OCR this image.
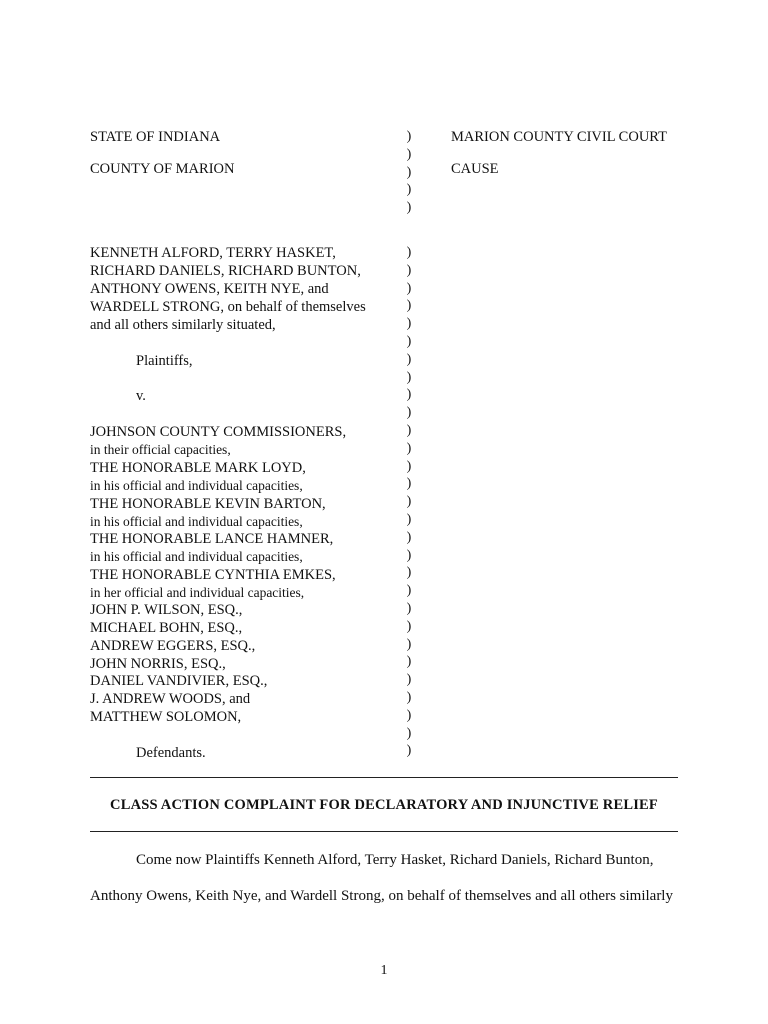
STATE OF INDIANA
COUNTY OF MARION
MARION COUNTY CIVIL COURT
CAUSE
)
)
)
)
)
KENNETH ALFORD, TERRY HASKET,
RICHARD DANIELS, RICHARD BUNTON,
ANTHONY OWENS, KEITH NYE, and
WARDELL STRONG, on behalf of themselves
and all others similarly situated,
Plaintiffs,
v.
JOHNSON COUNTY COMMISSIONERS,
in their official capacities,
THE HONORABLE MARK LOYD,
in his official and individual capacities,
THE HONORABLE KEVIN BARTON,
in his official and individual capacities,
THE HONORABLE LANCE HAMNER,
in his official and individual capacities,
THE HONORABLE CYNTHIA EMKES,
in her official and individual capacities,
JOHN P. WILSON, ESQ.,
MICHAEL BOHN, ESQ.,
ANDREW EGGERS, ESQ.,
JOHN NORRIS, ESQ.,
DANIEL VANDIVIER, ESQ.,
J. ANDREW WOODS, and
MATTHEW SOLOMON,
Defendants.
)
)
)
)
)
)
)
)
)
)
)
)
)
)
)
)
)
)
)
)
)
)
)
)
)
)
)
)
)
CLASS ACTION COMPLAINT FOR DECLARATORY AND INJUNCTIVE RELIEF
Come now Plaintiffs Kenneth Alford, Terry Hasket, Richard Daniels, Richard Bunton,
Anthony Owens, Keith Nye, and Wardell Strong, on behalf of themselves and all others similarly
1
